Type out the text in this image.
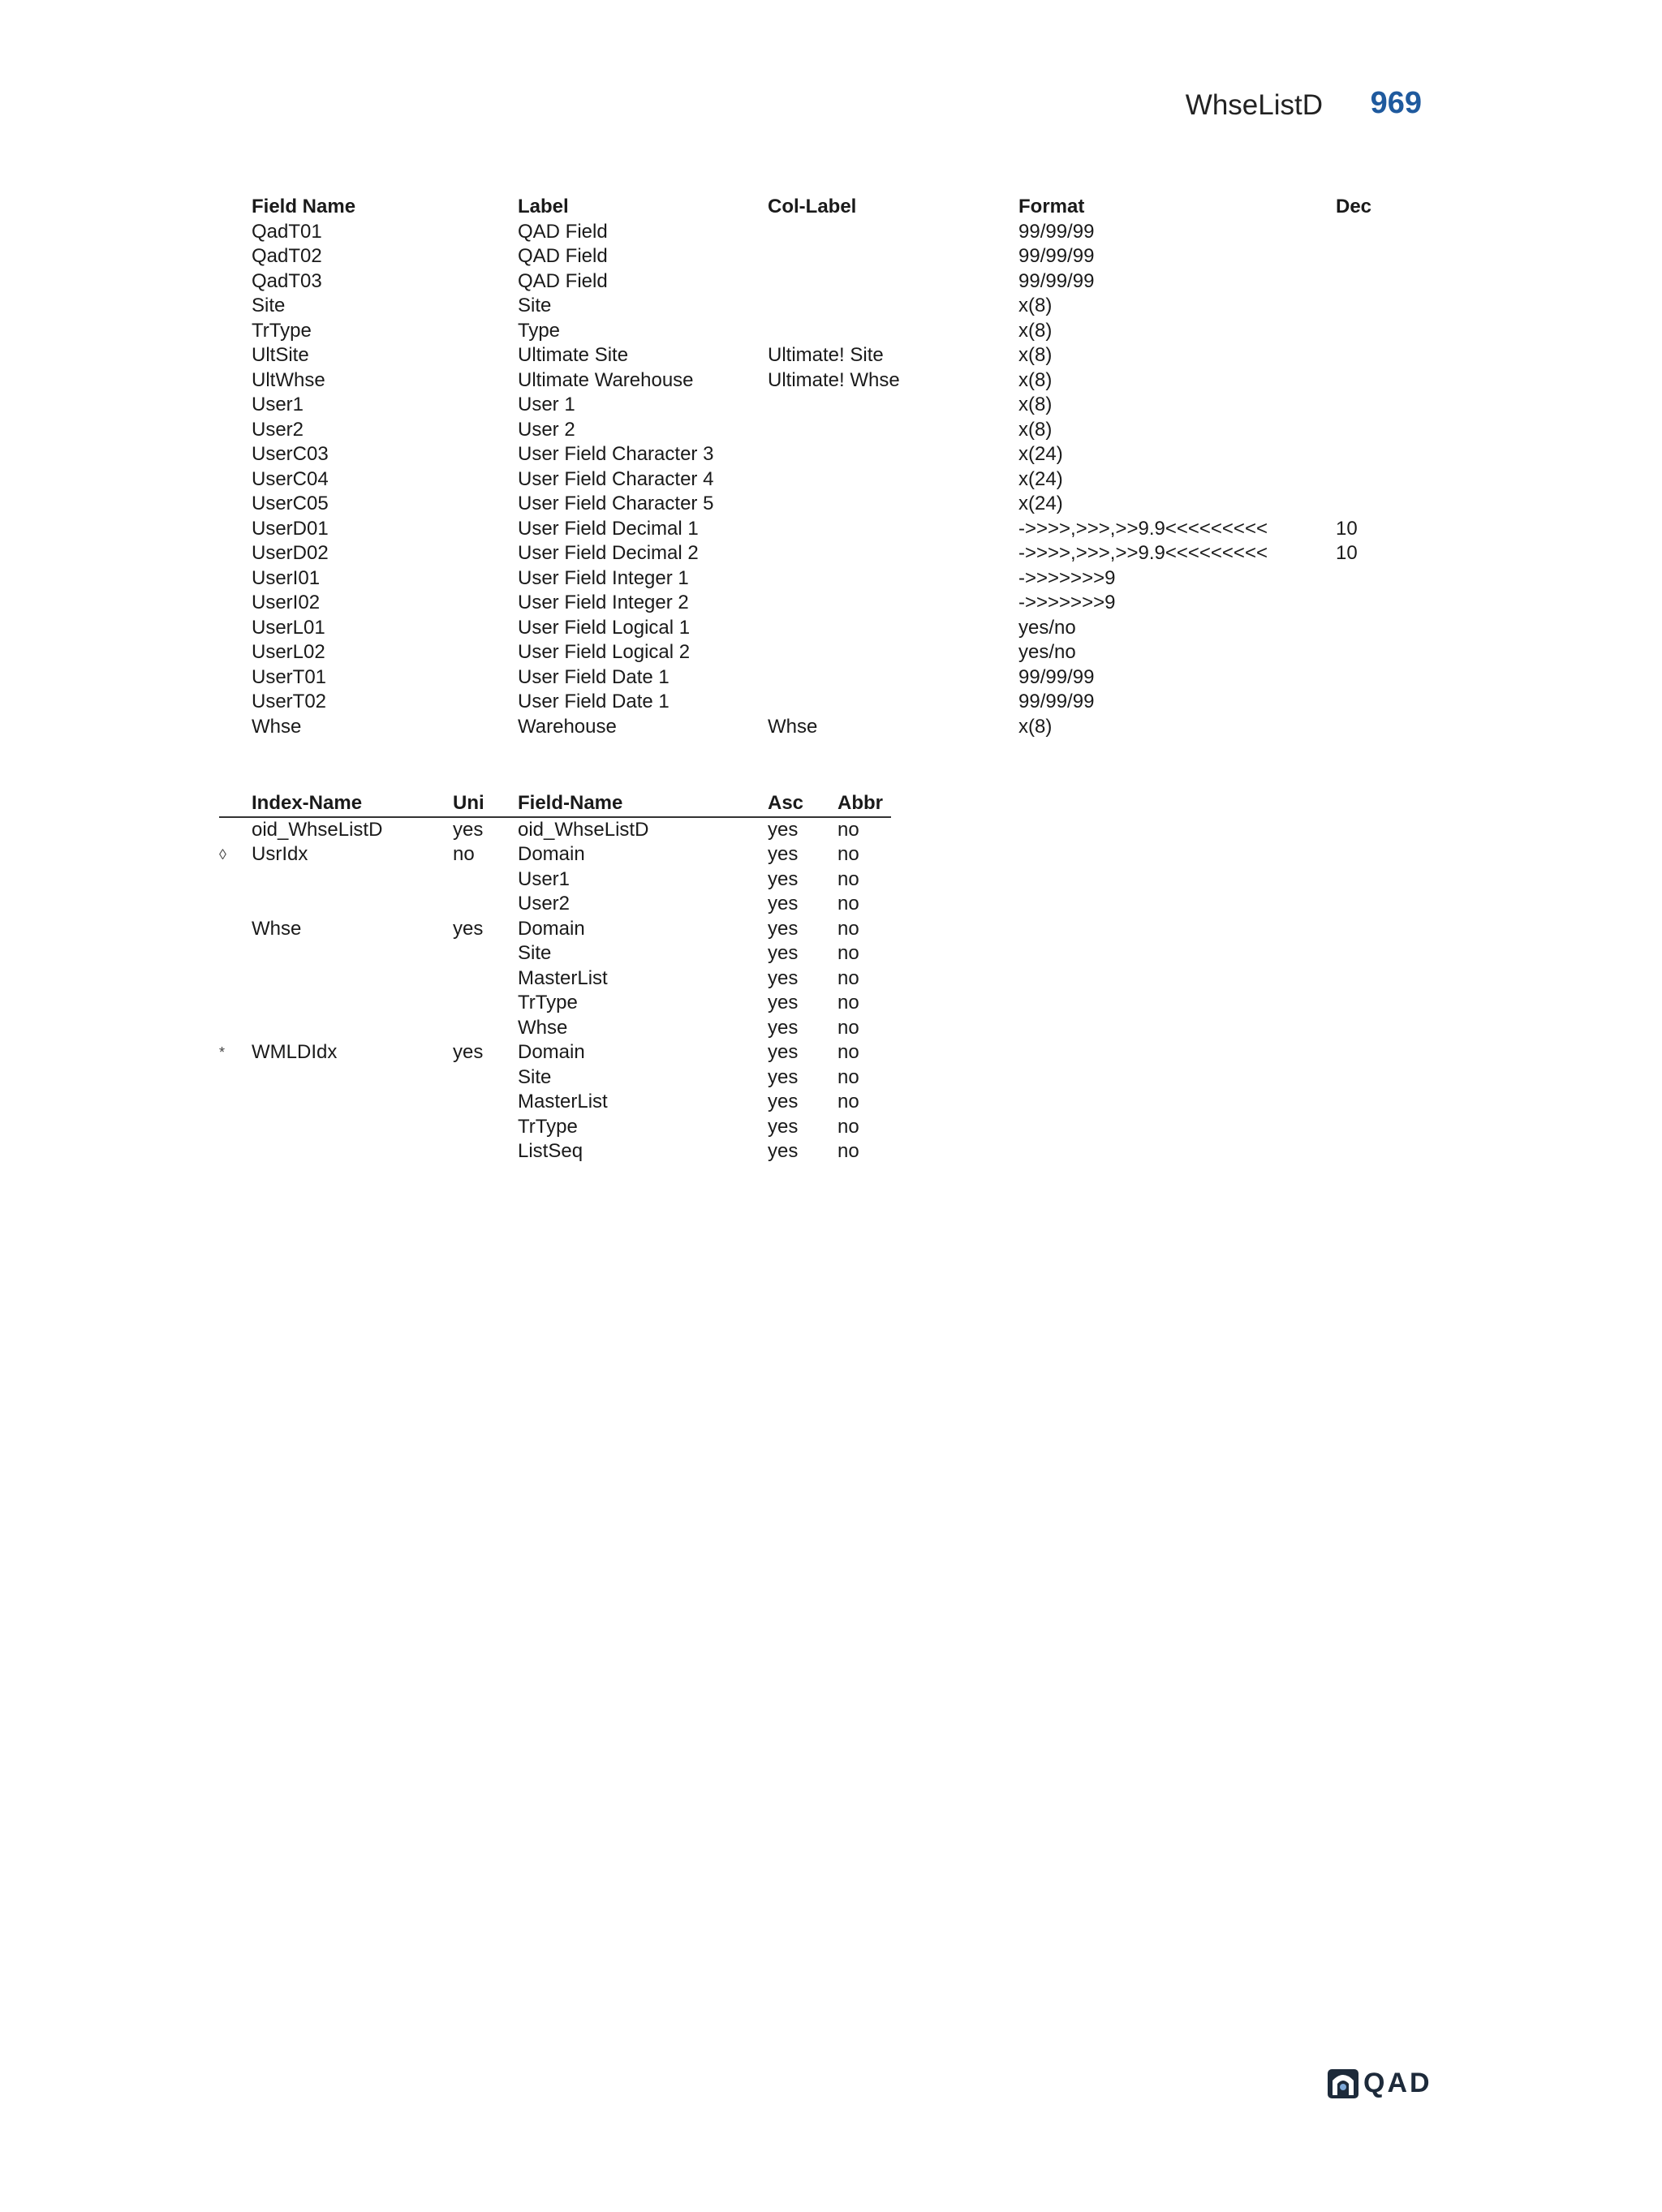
WhseListD 969
Field Name	Label	Col-Label	Format	Dec
QadT01	QAD Field		99/99/99	
QadT02	QAD Field		99/99/99	
QadT03	QAD Field		99/99/99	
Site	Site		x(8)	
TrType	Type		x(8)	
UltSite	Ultimate Site	Ultimate! Site	x(8)	
UltWhse	Ultimate Warehouse	Ultimate! Whse	x(8)	
User1	User 1		x(8)	
User2	User 2		x(8)	
UserC03	User Field Character 3		x(24)	
UserC04	User Field Character 4		x(24)	
UserC05	User Field Character 5		x(24)	
UserD01	User Field Decimal 1		->>>>,>>>,>>9.9<<<<<<<<<	10
UserD02	User Field Decimal 2		->>>>,>>>,>>9.9<<<<<<<<<	10
UserI01	User Field Integer 1		->>>>>>>9	
UserI02	User Field Integer 2		->>>>>>>9	
UserL01	User Field Logical 1		yes/no	
UserL02	User Field Logical 2		yes/no	
UserT01	User Field Date 1		99/99/99	
UserT02	User Field Date 1		99/99/99	
Whse	Warehouse	Whse	x(8)	
	Index-Name	Uni	Field-Name	Asc	Abbr
	oid_WhseListD	yes	oid_WhseListD	yes	no
◊	UsrIdx	no	Domain	yes	no
			User1	yes	no
			User2	yes	no
	Whse	yes	Domain	yes	no
			Site	yes	no
			MasterList	yes	no
			TrType	yes	no
			Whse	yes	no
*	WMLDIdx	yes	Domain	yes	no
			Site	yes	no
			MasterList	yes	no
			TrType	yes	no
			ListSeq	yes	no
QAD
